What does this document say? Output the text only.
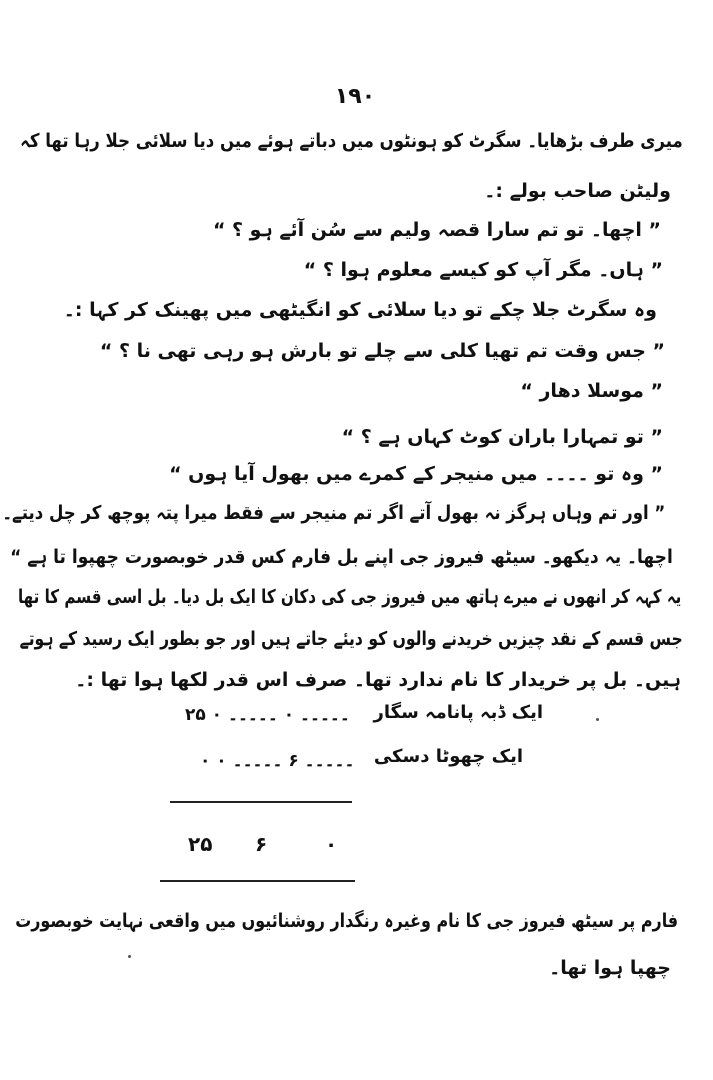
۱۹۰
میری طرف بڑھایا۔ سگرٹ کو ہونٹوں میں دباتے ہوئے میں دیا سلائی جلا رہا تھا کہ
ولیٹن صاحب بولے :۔
” اچھا۔ تو تم سارا قصہ ولیم سے سُن آئے ہو ؟ “
” ہاں۔ مگر آپ کو کیسے معلوم ہوا ؟ “
وہ سگرٹ جلا چکے تو دیا سلائی کو انگیٹھی میں پھینک کر کہا :۔
” جس وقت تم تھیا کلی سے چلے تو بارش ہو رہی تھی نا ؟ “
” موسلا دھار “
” تو تمہارا باران کوٹ کہاں ہے ؟ “
” وہ تو ۔۔۔۔ میں منیجر کے کمرے میں بھول آیا ہوں “
” اور تم وہاں ہرگز نہ بھول آتے اگر تم منیجر سے فقط میرا پتہ پوچھ کر چل دیتے۔
اچھا۔ یہ دیکھو۔ سیٹھ فیروز جی اپنے بل فارم کس قدر خوبصورت چھپوا تا ہے “
یہ کہہ کر انھوں نے میرے ہاتھ میں فیروز جی کی دکان کا ایک بل دیا۔ بل اسی قسم کا تھا
جس قسم کے نقد چیزیں خریدنے والوں کو دیئے جاتے ہیں اور جو بطور ایک رسید کے ہوتے
ہیں۔ بل پر خریدار کا نام ندارد تھا۔ صرف اس قدر لکھا ہوا تھا :۔
ایک ڈبہ پانامہ سگار
۲۵ ۔۔۔۔۔ ۰ ۔۔۔۔۔ ۰
ایک چھوٹا دسکی
۰ ۔۔۔۔۔ ۶ ۔۔۔۔۔ ۰
۲۵ ۶	۰
فارم پر سیٹھ فیروز جی کا نام وغیرہ رنگدار روشنائیوں میں واقعی نہایت خوبصورت
چھپا ہوا تھا۔
